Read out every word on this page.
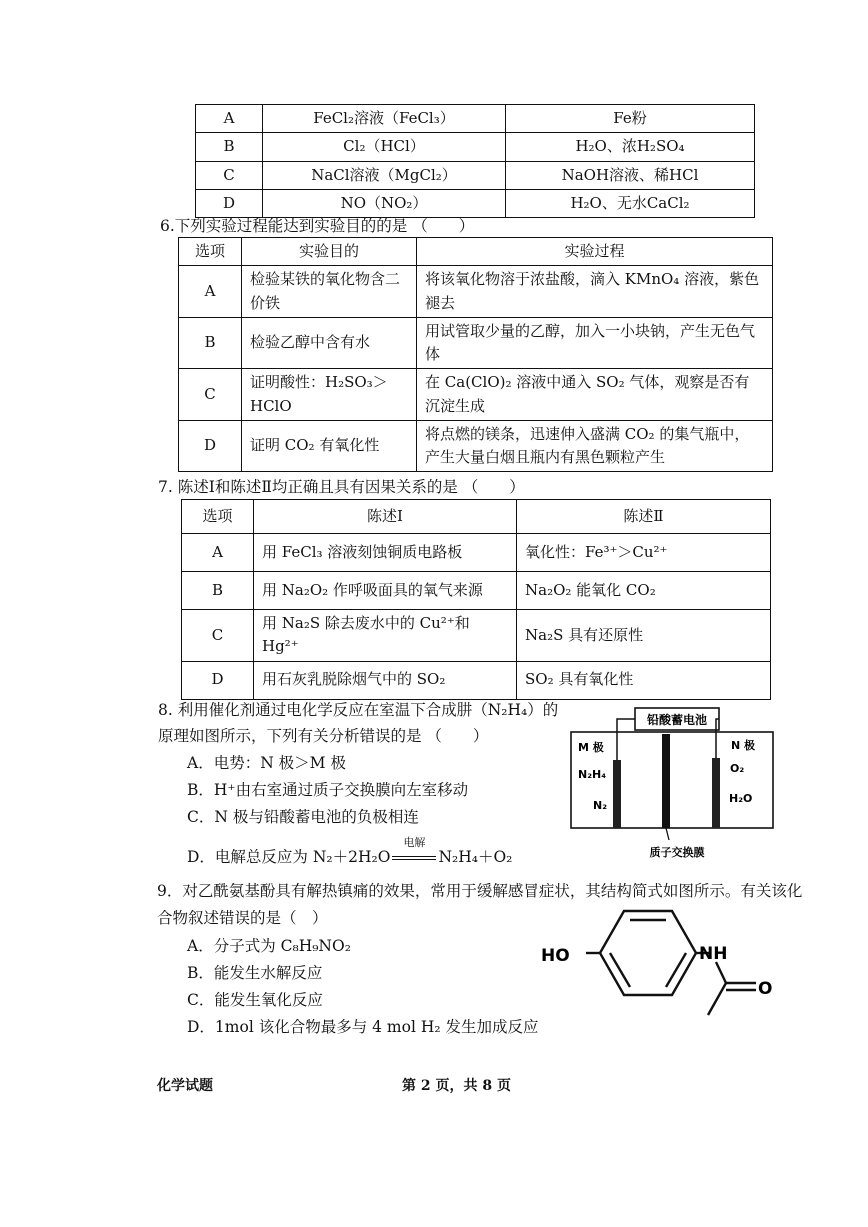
A	FeCl₂溶液（FeCl₃）	Fe粉
B	Cl₂（HCl）	H₂O、浓H₂SO₄
C	NaCl溶液（MgCl₂）	NaOH溶液、稀HCl
D	NO（NO₂）	H₂O、无水CaCl₂
6.下列实验过程能达到实验目的的是 （　　）
选项	实验目的	实验过程
A	检验某铁的氧化物含二价铁	将该氧化物溶于浓盐酸，滴入 KMnO₄ 溶液，紫色褪去
B	检验乙醇中含有水	用试管取少量的乙醇，加入一小块钠，产生无色气体
C	证明酸性：H₂SO₃＞HClO	在 Ca(ClO)₂ 溶液中通入 SO₂ 气体，观察是否有沉淀生成
D	证明 CO₂ 有氧化性	将点燃的镁条，迅速伸入盛满 CO₂ 的集气瓶中，产生大量白烟且瓶内有黑色颗粒产生
7. 陈述Ⅰ和陈述Ⅱ均正确且具有因果关系的是 （　　）
选项	陈述Ⅰ	陈述Ⅱ
A	用 FeCl₃ 溶液刻蚀铜质电路板	氧化性：Fe³⁺＞Cu²⁺
B	用 Na₂O₂ 作呼吸面具的氧气来源	Na₂O₂ 能氧化 CO₂
C	用 Na₂S 除去废水中的 Cu²⁺和 Hg²⁺	Na₂S 具有还原性
D	用石灰乳脱除烟气中的 SO₂	SO₂ 具有氧化性
8. 利用催化剂通过电化学反应在室温下合成肼（N₂H₄）的
原理如图所示，下列有关分析错误的是 （　　）
A．电势：N 极＞M 极
B．H⁺由右室通过质子交换膜向左室移动
C．N 极与铅酸蓄电池的负极相连
D．电解总反应为 N₂＋2H₂O
电解
N₂H₄＋O₂
铅酸蓄电池
M 极	N 极
N₂H₄
N₂
O₂
H₂O
质子交换膜
9．对乙酰氨基酚具有解热镇痛的效果，常用于缓解感冒症状，其结构简式如图所示。有关该化
合物叙述错误的是（　）
A．分子式为 C₈H₉NO₂
B．能发生水解反应
C．能发生氧化反应
D．1mol 该化合物最多与 4 mol H₂ 发生加成反应
HO	NH
O
化学试题	第 2 页，共 8 页
